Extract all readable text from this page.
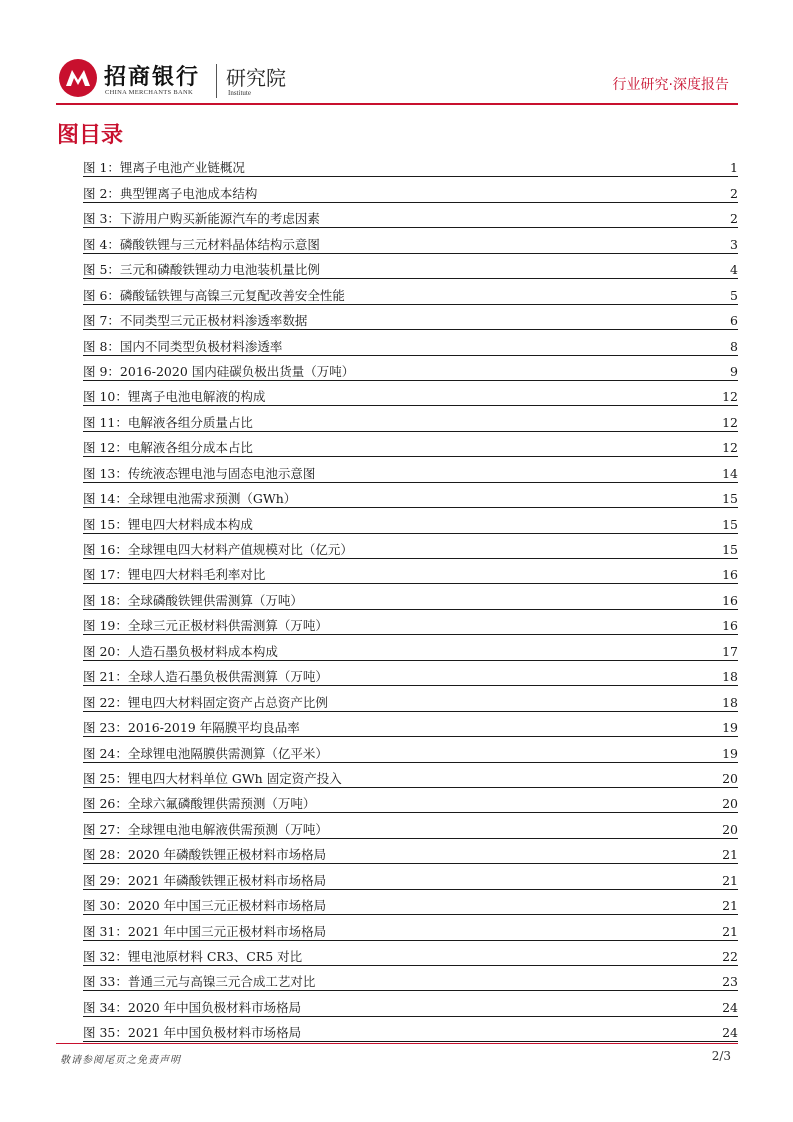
招商银行
CHINA MERCHANTS BANK
研究院
Institute	行业研究·深度报告
图目录
图 1：锂离子电池产业链概况	1
图 2：典型锂离子电池成本结构	2
图 3：下游用户购买新能源汽车的考虑因素	2
图 4：磷酸铁锂与三元材料晶体结构示意图	3
图 5：三元和磷酸铁锂动力电池装机量比例	4
图 6：磷酸锰铁锂与高镍三元复配改善安全性能	5
图 7：不同类型三元正极材料渗透率数据	6
图 8：国内不同类型负极材料渗透率	8
图 9：2016-2020 国内硅碳负极出货量（万吨）	9
图 10：锂离子电池电解液的构成	12
图 11：电解液各组分质量占比	12
图 12：电解液各组分成本占比	12
图 13：传统液态锂电池与固态电池示意图	14
图 14：全球锂电池需求预测（GWh）	15
图 15：锂电四大材料成本构成	15
图 16：全球锂电四大材料产值规模对比（亿元）	15
图 17：锂电四大材料毛利率对比	16
图 18：全球磷酸铁锂供需测算（万吨）	16
图 19：全球三元正极材料供需测算（万吨）	16
图 20：人造石墨负极材料成本构成	17
图 21：全球人造石墨负极供需测算（万吨）	18
图 22：锂电四大材料固定资产占总资产比例	18
图 23：2016-2019 年隔膜平均良品率	19
图 24：全球锂电池隔膜供需测算（亿平米）	19
图 25：锂电四大材料单位 GWh 固定资产投入	20
图 26：全球六氟磷酸锂供需预测（万吨）	20
图 27：全球锂电池电解液供需预测（万吨）	20
图 28：2020 年磷酸铁锂正极材料市场格局	21
图 29：2021 年磷酸铁锂正极材料市场格局	21
图 30：2020 年中国三元正极材料市场格局	21
图 31：2021 年中国三元正极材料市场格局	21
图 32：锂电池原材料 CR3、CR5 对比	22
图 33：普通三元与高镍三元合成工艺对比	23
图 34：2020 年中国负极材料市场格局	24
图 35：2021 年中国负极材料市场格局	24
敬请参阅尾页之免责声明	2/3
